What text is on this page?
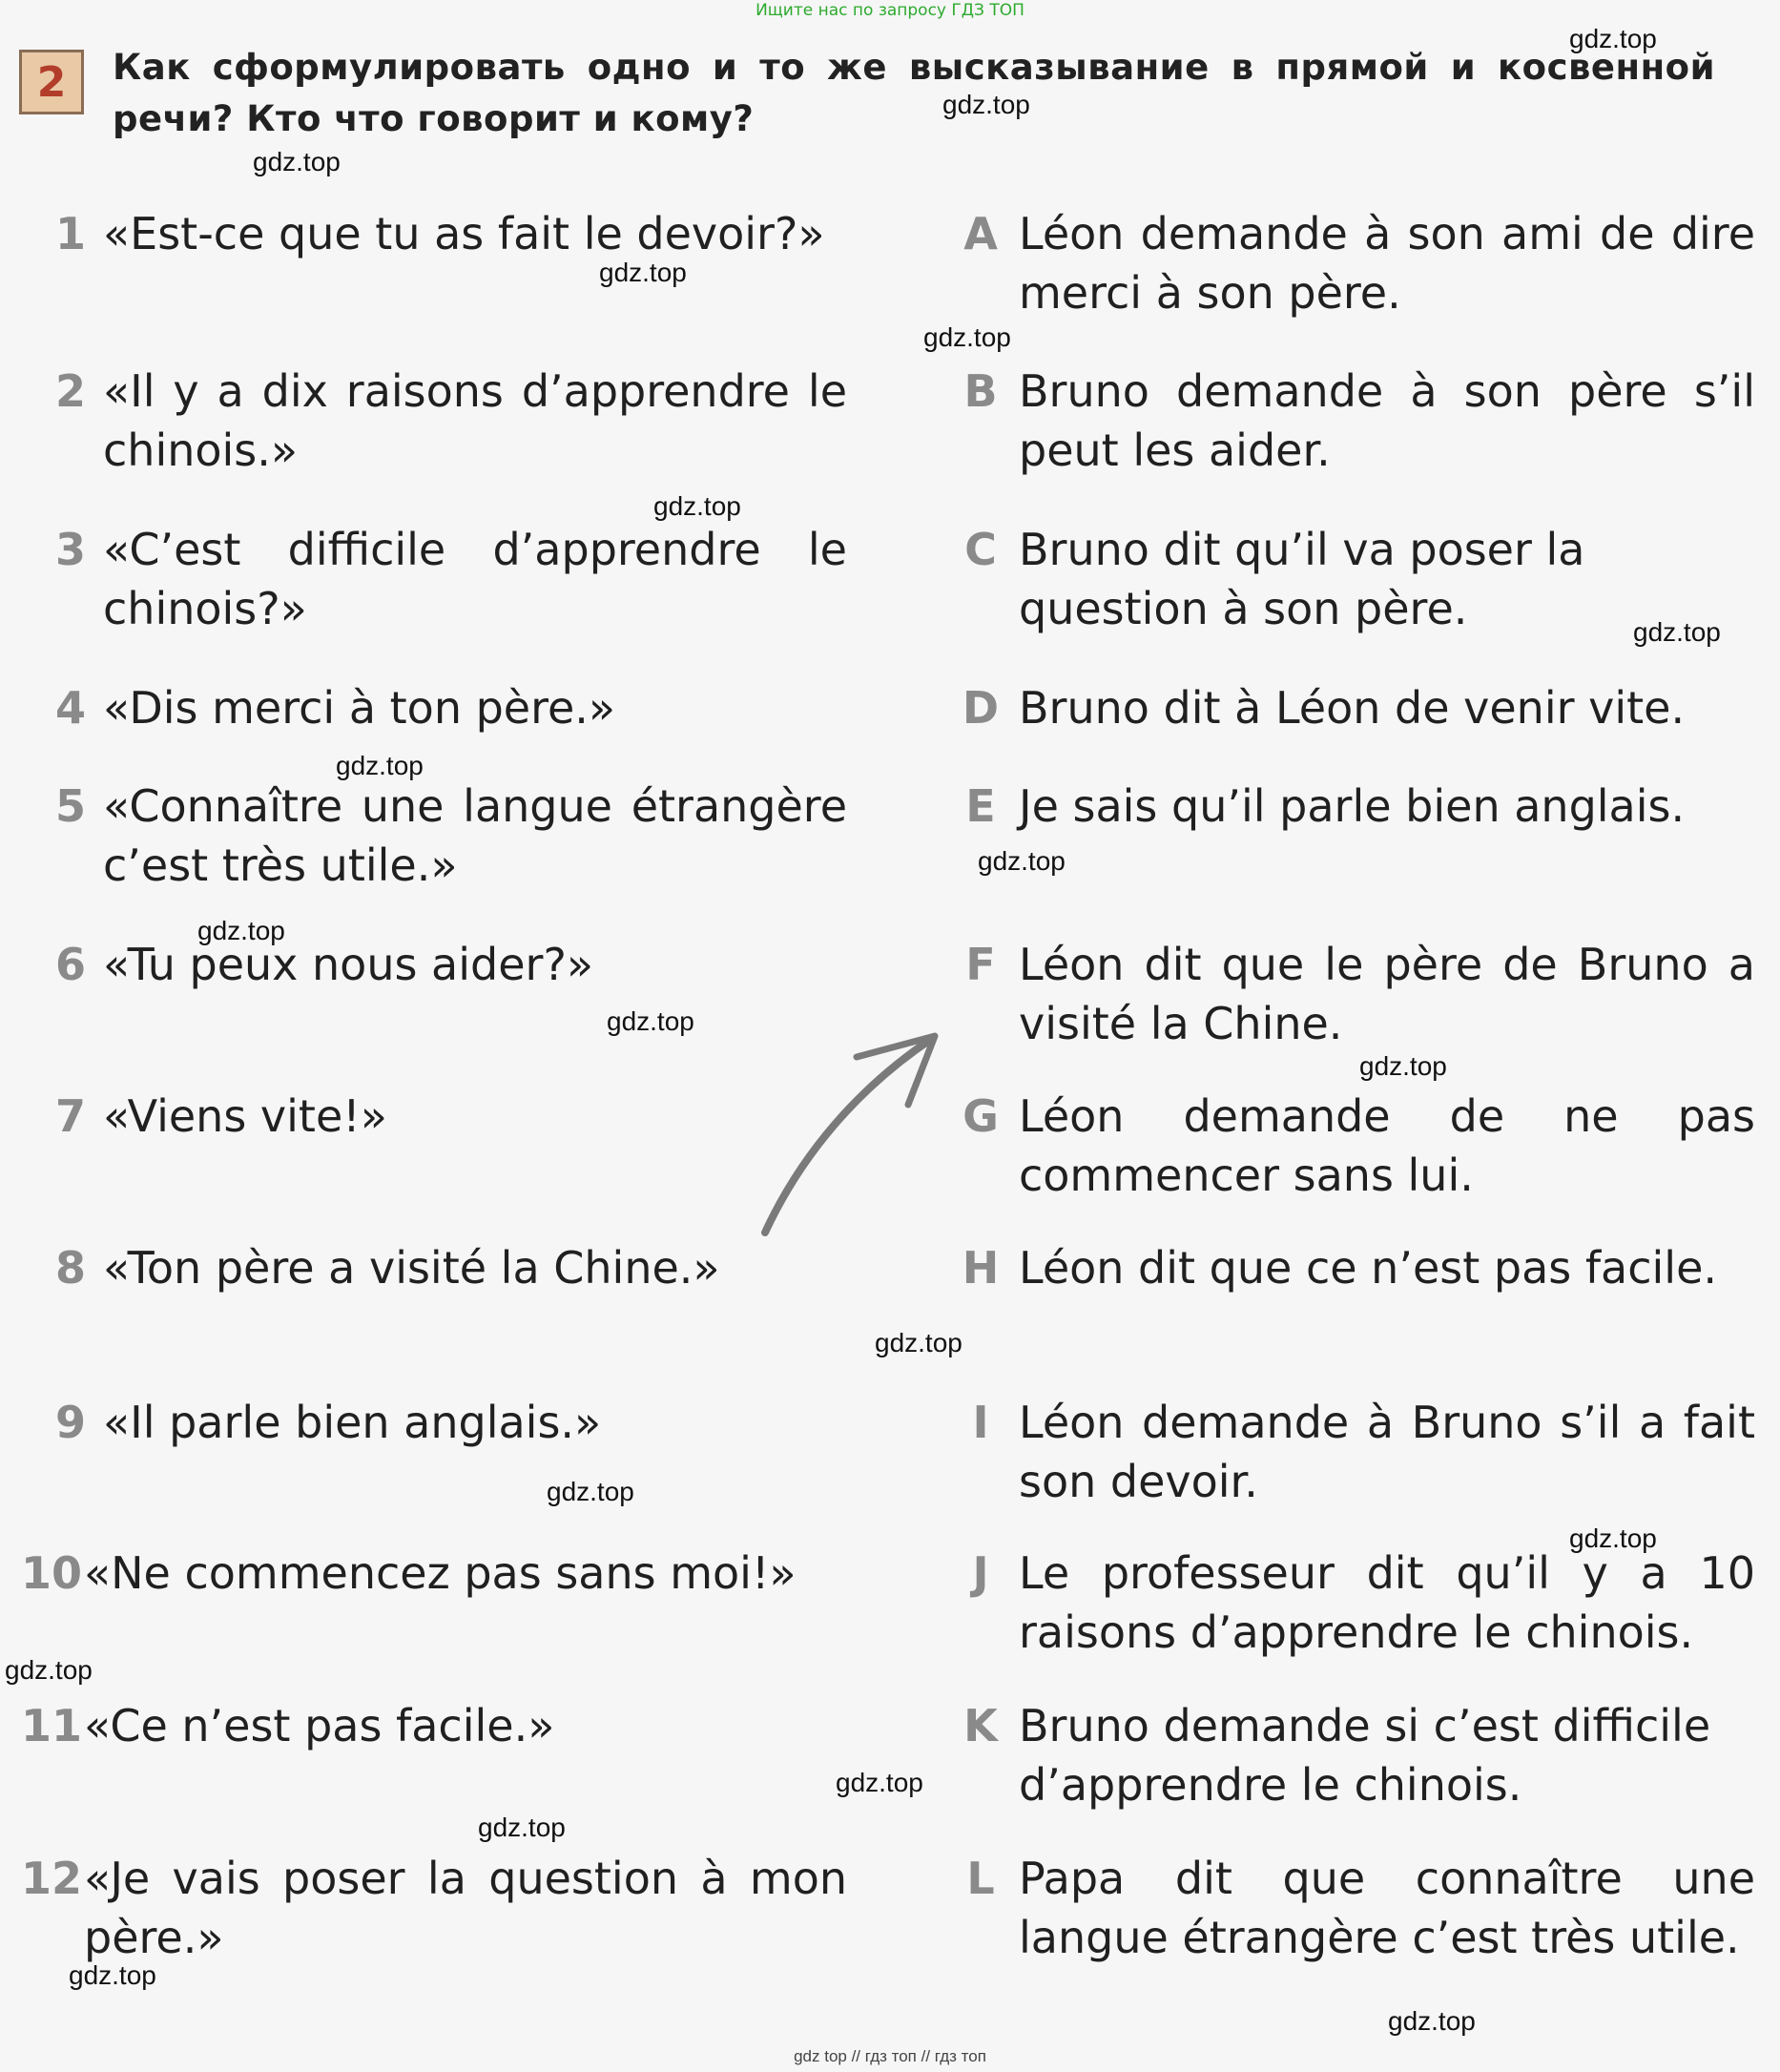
Ищите нас по запросу ГДЗ ТОП
2	Как сформулировать одно и то же высказывание в прямой и косвенной речи? Кто что говорит и кому?
1 «Est-ce que tu as fait le devoir?»
2 «Il y a dix raisons d’apprendre le chinois.»
3 «C’est difficile d’apprendre le chinois?»
4 «Dis merci à ton père.»
5 «Connaître une langue étrangère c’est très utile.»
6 «Tu peux nous aider?»
7 «Viens vite!»
8 «Ton père a visité la Chine.»
9 «Il parle bien anglais.»
10 «Ne commencez pas sans moi!»
11 «Ce n’est pas facile.»
12 «Je vais poser la question à mon père.»
A Léon demande à son ami de dire merci à son père.
B Bruno demande à son père s’il peut les aider.
C Bruno dit qu’il va poser la question à son père.
D Bruno dit à Léon de venir vite.
E Je sais qu’il parle bien anglais.
F Léon dit que le père de Bruno a visité la Chine.
G Léon demande de ne pas commencer sans lui.
H Léon dit que ce n’est pas facile.
I Léon demande à Bruno s’il a fait son devoir.
J Le professeur dit qu’il y a 10 raisons d’apprendre le chinois.
K Bruno demande si c’est difficile d’apprendre le chinois.
L Papa dit que connaître une langue étrangère c’est très utile.
gdz.top
gdz.top
gdz.top
gdz.top
gdz.top
gdz.top
gdz.top
gdz.top
gdz.top
gdz.top
gdz.top
gdz.top
gdz.top
gdz.top
gdz.top
gdz.top
gdz.top
gdz.top
gdz.top
gdz.top
gdz top // гдз топ // гдз топ
